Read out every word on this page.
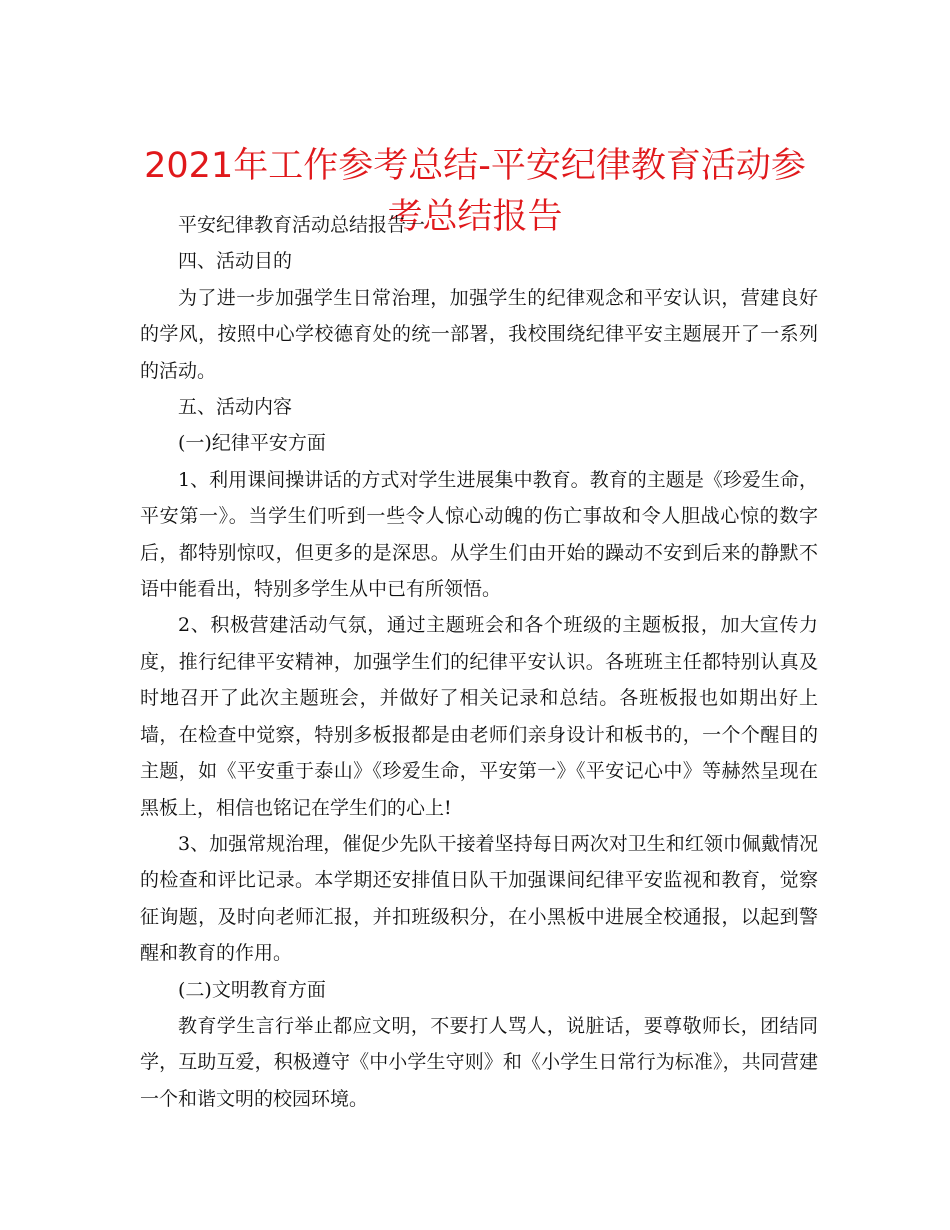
2021年工作参考总结-平安纪律教育活动参考总结报告

平安纪律教育活动总结报告一

四、活动目的

为了进一步加强学生日常治理，加强学生的纪律观念和平安认识，营建良好的学风，按照中心学校德育处的统一部署，我校围绕纪律平安主题展开了一系列的活动。

五、活动内容

(一)纪律平安方面

1、利用课间操讲话的方式对学生进展集中教育。教育的主题是《珍爱生命，平安第一》。当学生们听到一些令人惊心动魄的伤亡事故和令人胆战心惊的数字后，都特别惊叹，但更多的是深思。从学生们由开始的躁动不安到后来的静默不语中能看出，特别多学生从中已有所领悟。

2、积极营建活动气氛，通过主题班会和各个班级的主题板报，加大宣传力度，推行纪律平安精神，加强学生们的纪律平安认识。各班班主任都特别认真及时地召开了此次主题班会，并做好了相关记录和总结。各班板报也如期出好上墙，在检查中觉察，特别多板报都是由老师们亲身设计和板书的，一个个醒目的主题，如《平安重于泰山》《珍爱生命，平安第一》《平安记心中》等赫然呈现在黑板上，相信也铭记在学生们的心上!

3、加强常规治理，催促少先队干接着坚持每日两次对卫生和红领巾佩戴情况的检查和评比记录。本学期还安排值日队干加强课间纪律平安监视和教育，觉察征询题，及时向老师汇报，并扣班级积分，在小黑板中进展全校通报，以起到警醒和教育的作用。

(二)文明教育方面

教育学生言行举止都应文明，不要打人骂人，说脏话，要尊敬师长，团结同学，互助互爱，积极遵守《中小学生守则》和《小学生日常行为标准》，共同营建一个和谐文明的校园环境。
